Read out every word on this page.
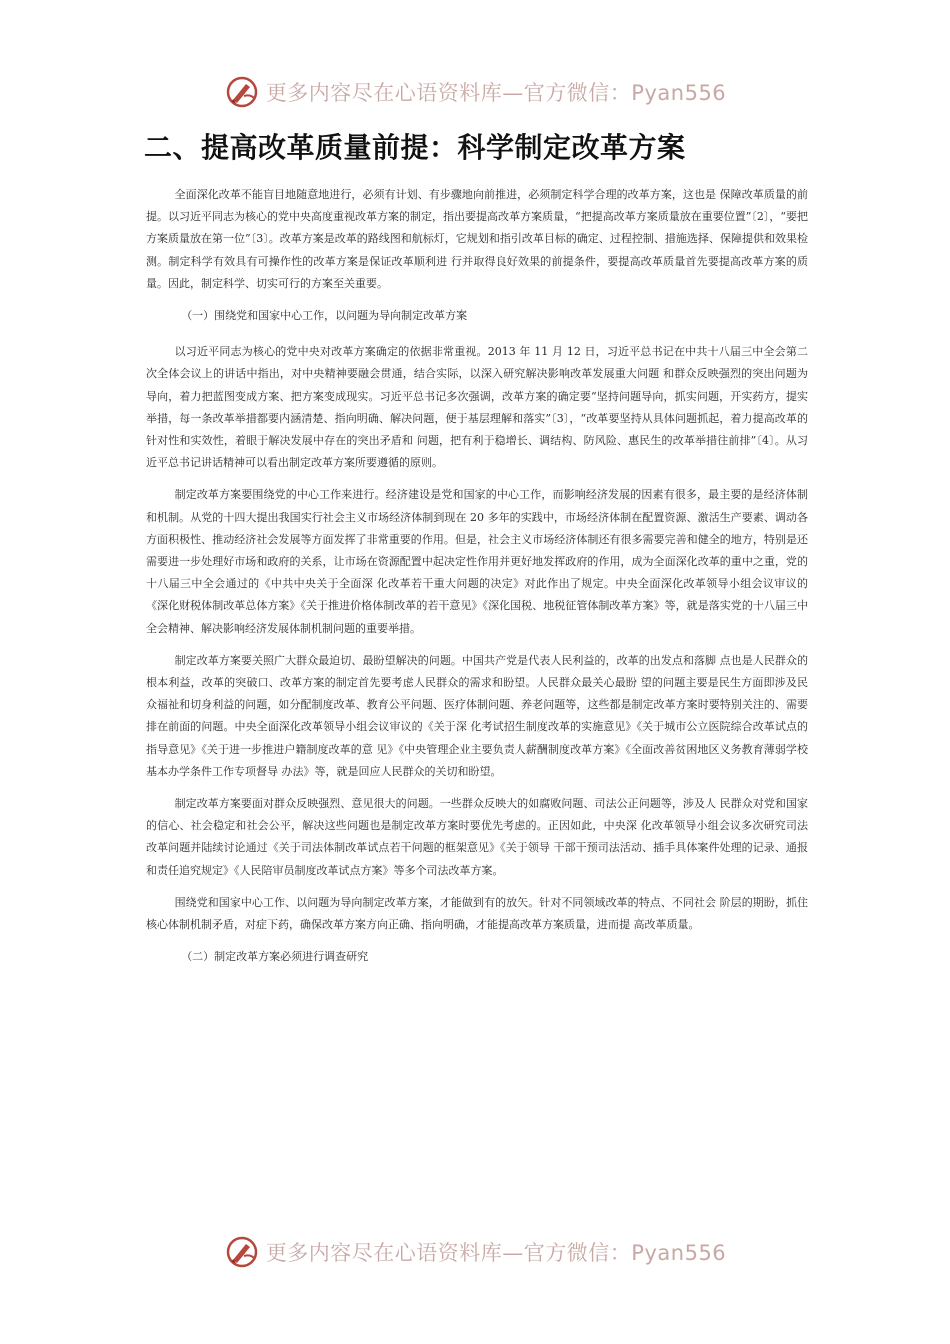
更多内容尽在心语资料库—官方微信：Pyan556
二、提高改革质量前提：科学制定改革方案

全面深化改革不能盲目地随意地进行，必须有计划、有步骤地向前推进，必须制定科学合理的改革方案，这也是 保障改革质量的前提。以习近平同志为核心的党中央高度重视改革方案的制定，指出要提高改革方案质量，“把提高改革方案质量放在重要位置”〔2〕，“要把方案质量放在第一位”〔3〕。改革方案是改革的路线图和航标灯，它规划和指引改革目标的确定、过程控制、措施选择、保障提供和效果检测。制定科学有效具有可操作性的改革方案是保证改革顺利进 行并取得良好效果的前提条件，要提高改革质量首先要提高改革方案的质量。因此，制定科学、切实可行的方案至关重要。

（一）围绕党和国家中心工作，以问题为导向制定改革方案

以习近平同志为核心的党中央对改革方案确定的依据非常重视。2013 年 11 月 12 日，习近平总书记在中共十八届三中全会第二次全体会议上的讲话中指出，对中央精神要融会贯通，结合实际，以深入研究解决影响改革发展重大问题 和群众反映强烈的突出问题为导向，着力把蓝图变成方案、把方案变成现实。习近平总书记多次强调，改革方案的确定要“坚持问题导向，抓实问题，开实药方，提实举措，每一条改革举措都要内涵清楚、指向明确、解决问题，便于基层理解和落实”〔3〕，“改革要坚持从具体问题抓起，着力提高改革的针对性和实效性，着眼于解决发展中存在的突出矛盾和 问题，把有利于稳增长、调结构、防风险、惠民生的改革举措往前排”〔4〕。从习近平总书记讲话精神可以看出制定改革方案所要遵循的原则。

制定改革方案要围绕党的中心工作来进行。经济建设是党和国家的中心工作，而影响经济发展的因素有很多，最主要的是经济体制和机制。从党的十四大提出我国实行社会主义市场经济体制到现在 20 多年的实践中，市场经济体制在配置资源、激活生产要素、调动各方面积极性、推动经济社会发展等方面发挥了非常重要的作用。但是，社会主义市场经济体制还有很多需要完善和健全的地方，特别是还需要进一步处理好市场和政府的关系，让市场在资源配置中起决定性作用并更好地发挥政府的作用，成为全面深化改革的重中之重，党的十八届三中全会通过的《中共中央关于全面深 化改革若干重大问题的决定》对此作出了规定。中央全面深化改革领导小组会议审议的《深化财税体制改革总体方案》《关于推进价格体制改革的若干意见》《深化国税、地税征管体制改革方案》等，就是落实党的十八届三中全会精神、解决影响经济发展体制机制问题的重要举措。

制定改革方案要关照广大群众最迫切、最盼望解决的问题。中国共产党是代表人民利益的，改革的出发点和落脚 点也是人民群众的根本利益，改革的突破口、改革方案的制定首先要考虑人民群众的需求和盼望。人民群众最关心最盼 望的问题主要是民生方面即涉及民众福祉和切身利益的问题，如分配制度改革、教育公平问题、医疗体制问题、养老问题等，这些都是制定改革方案时要特别关注的、需要排在前面的问题。中央全面深化改革领导小组会议审议的《关于深 化考试招生制度改革的实施意见》《关于城市公立医院综合改革试点的指导意见》《关于进一步推进户籍制度改革的意 见》《中央管理企业主要负责人薪酬制度改革方案》《全面改善贫困地区义务教育薄弱学校基本办学条件工作专项督导 办法》等，就是回应人民群众的关切和盼望。

制定改革方案要面对群众反映强烈、意见很大的问题。一些群众反映大的如腐败问题、司法公正问题等，涉及人 民群众对党和国家的信心、社会稳定和社会公平，解决这些问题也是制定改革方案时要优先考虑的。正因如此，中央深 化改革领导小组会议多次研究司法改革问题并陆续讨论通过《关于司法体制改革试点若干问题的框架意见》《关于领导 干部干预司法活动、插手具体案件处理的记录、通报和责任追究规定》《人民陪审员制度改革试点方案》等多个司法改革方案。

围绕党和国家中心工作、以问题为导向制定改革方案，才能做到有的放矢。针对不同领域改革的特点、不同社会 阶层的期盼，抓住核心体制机制矛盾，对症下药，确保改革方案方向正确、指向明确，才能提高改革方案质量，进而提 高改革质量。

（二）制定改革方案必须进行调查研究

更多内容尽在心语资料库—官方微信：Pyan556
